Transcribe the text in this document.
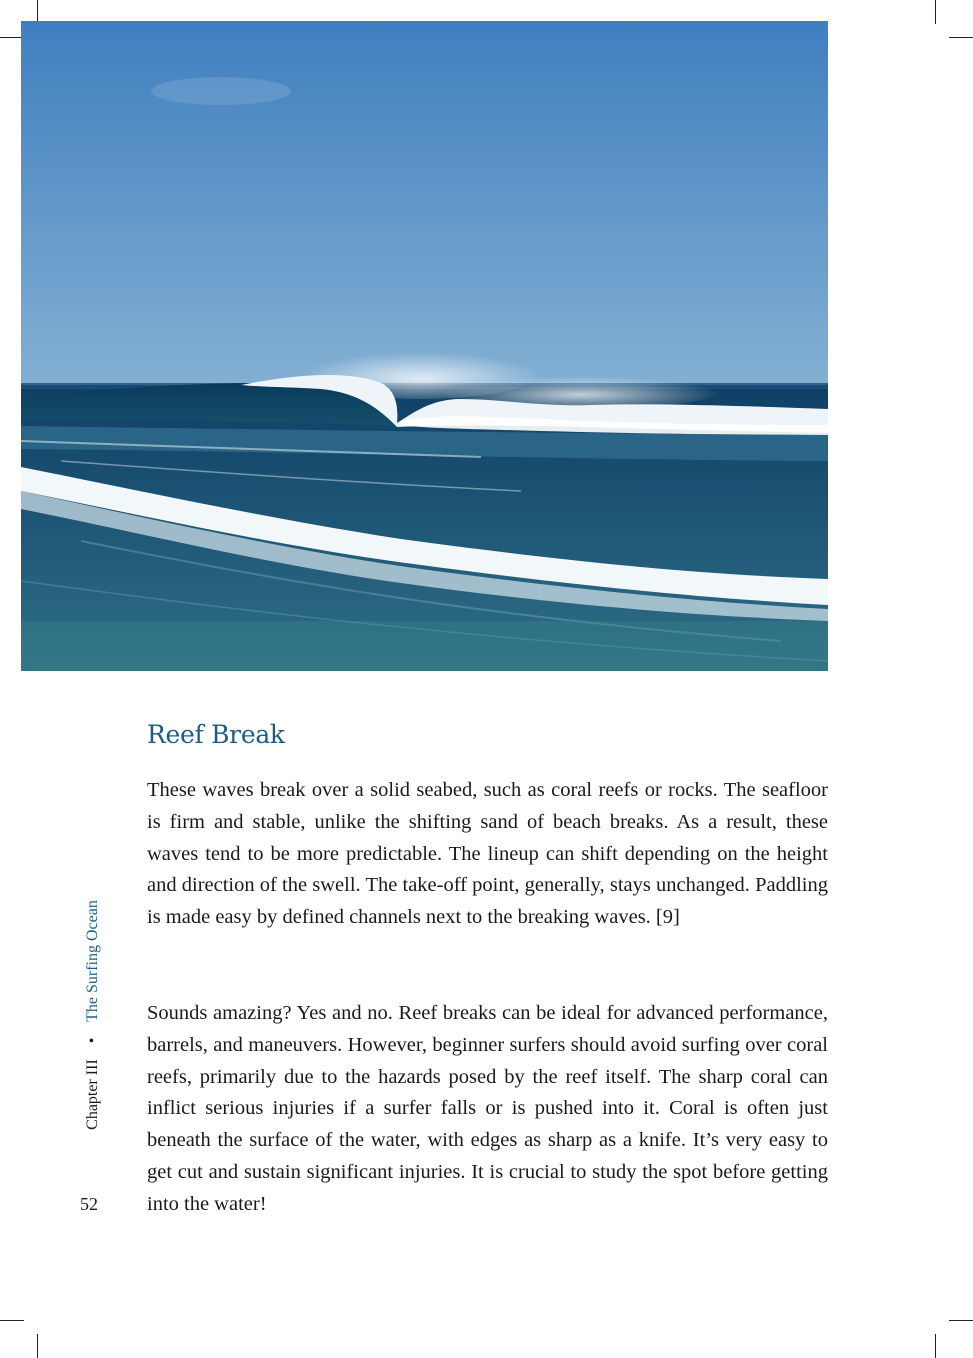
Chapter III • The Surfing Ocean
52
Reef Break

These waves break over a solid seabed, such as coral reefs or rocks. The seafloor is firm and stable, unlike the shifting sand of beach breaks. As a result, these waves tend to be more predictable. The lineup can shift depending on the height and direction of the swell. The take-off point, generally, stays unchanged. Paddling is made easy by defined channels next to the breaking waves. [9]

Sounds amazing? Yes and no. Reef breaks can be ideal for advanced performance, barrels, and maneuvers. However, beginner surfers should avoid surfing over coral reefs, primarily due to the hazards posed by the reef itself. The sharp coral can inflict serious injuries if a surfer falls or is pushed into it. Coral is often just beneath the surface of the water, with edges as sharp as a knife. It’s very easy to get cut and sustain significant injuries. It is crucial to study the spot before getting into the water!
